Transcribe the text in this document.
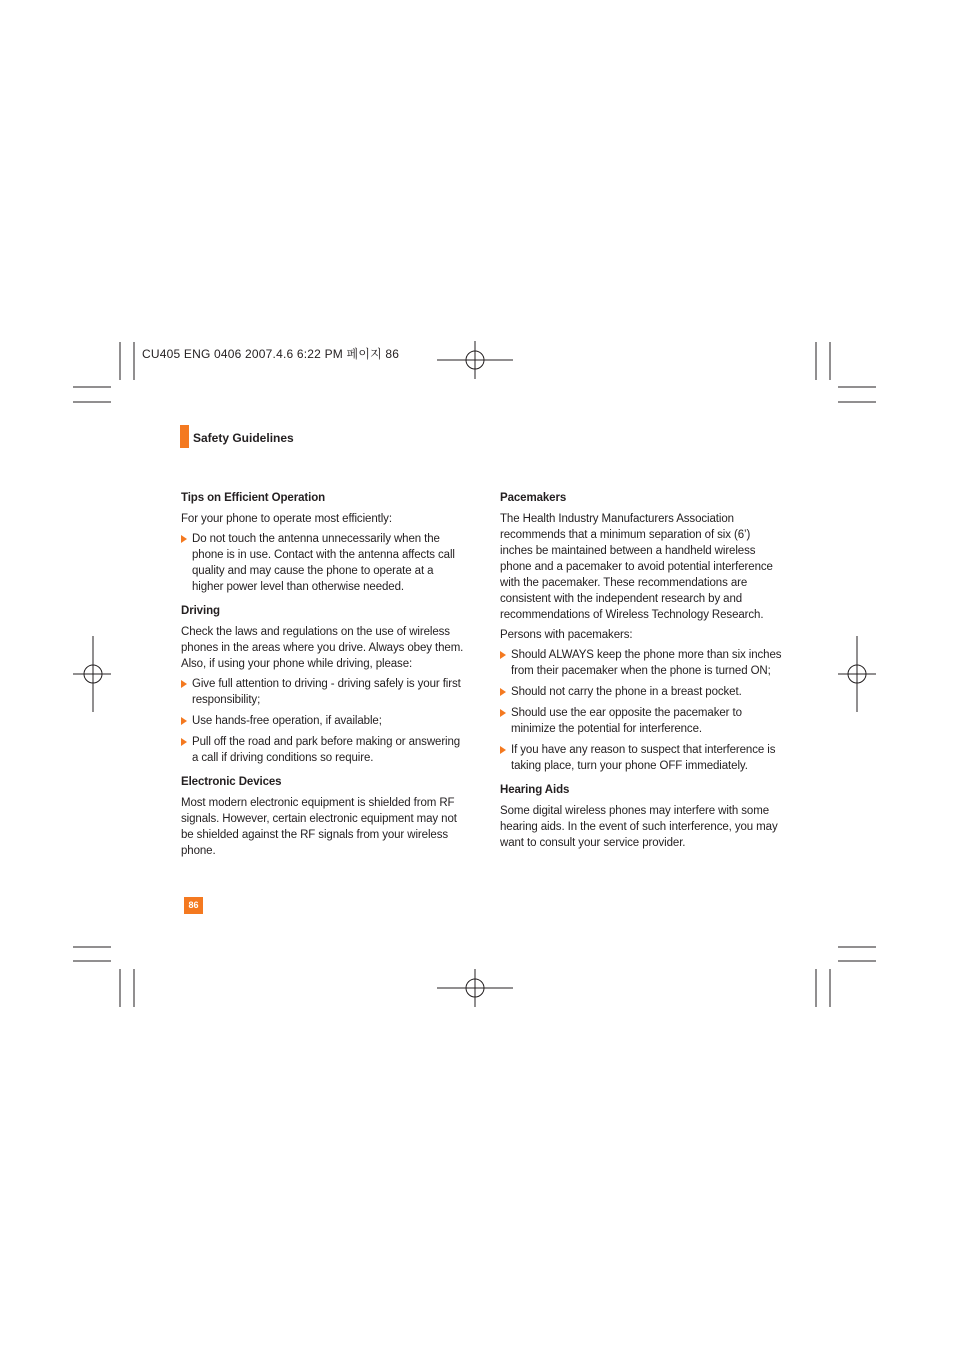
CU405 ENG 0406 2007.4.6 6:22 PM 페이지 86
Safety Guidelines
Tips on Efficient Operation

For your phone to operate most efficiently:

Do not touch the antenna unnecessarily when the phone is in use. Contact with the antenna affects call quality and may cause the phone to operate at a higher power level than otherwise needed.
Driving

Check the laws and regulations on the use of wireless phones in the areas where you drive. Always obey them. Also, if using your phone while driving, please:

Give full attention to driving - driving safely is your first responsibility;
Use hands-free operation, if available;
Pull off the road and park before making or answering a call if driving conditions so require.
Electronic Devices

Most modern electronic equipment is shielded from RF signals. However, certain electronic equipment may not be shielded against the RF signals from your wireless phone.

Pacemakers

The Health Industry Manufacturers Association recommends that a minimum separation of six (6’) inches be maintained between a handheld wireless phone and a pacemaker to avoid potential interference with the pacemaker. These recommendations are consistent with the independent research by and recommendations of Wireless Technology Research.

Persons with pacemakers:

Should ALWAYS keep the phone more than six inches from their pacemaker when the phone is turned ON;
Should not carry the phone in a breast pocket.
Should use the ear opposite the pacemaker to minimize the potential for interference.
If you have any reason to suspect that interference is taking place, turn your phone OFF immediately.
Hearing Aids

Some digital wireless phones may interfere with some hearing aids. In the event of such interference, you may want to consult your service provider.

86
